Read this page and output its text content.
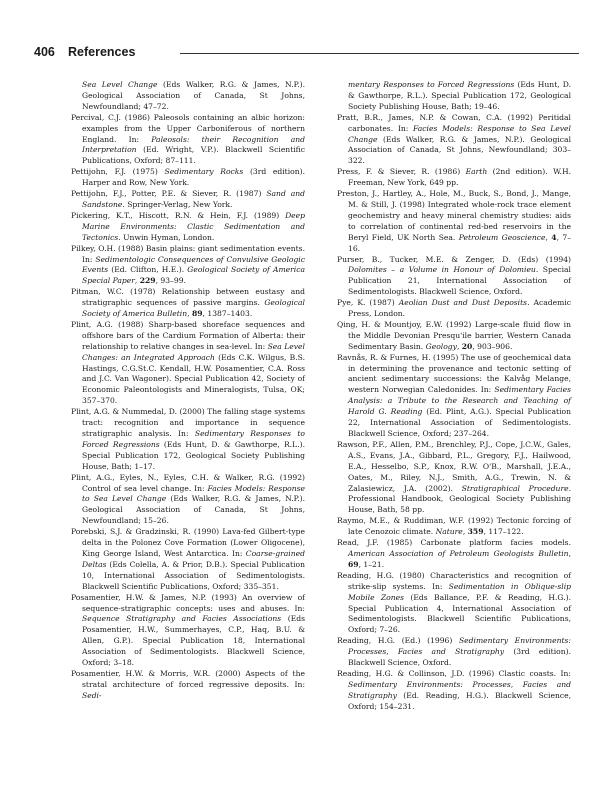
406 References

Sea Level Change (Eds Walker, R.G. & James, N.P.). Geological Association of Canada, St Johns, Newfoundland; 47–72.

Percival, C.J. (1986) Paleosols containing an albic horizon: examples from the Upper Carboniferous of northern England. In: Paleosols: their Recognition and Interpretation (Ed. Wright, V.P.). Blackwell Scientific Publications, Oxford; 87–111.

Pettijohn, F.J. (1975) Sedimentary Rocks (3rd edition). Harper and Row, New York.

Pettijohn, F.J., Potter, P.E. & Siever, R. (1987) Sand and Sandstone. Springer-Verlag, New York.

Pickering, K.T., Hiscott, R.N. & Hein, F.J. (1989) Deep Marine Environments: Clastic Sedimentation and Tectonics. Unwin Hyman, London.

Pilkey, O.H. (1988) Basin plains: giant sedimentation events. In: Sedimentologic Consequences of Convulsive Geologic Events (Ed. Clifton, H.E.). Geological Society of America Special Paper, 229, 93–99.

Pitman, W.C. (1978) Relationship between eustasy and stratigraphic sequences of passive margins. Geological Society of America Bulletin, 89, 1387–1403.

Plint, A.G. (1988) Sharp-based shoreface sequences and offshore bars of the Cardium Formation of Alberta: their relationship to relative changes in sea-level. In: Sea Level Changes: an Integrated Approach (Eds C.K. Wilgus, B.S. Hastings, C.G.St.C. Kendall, H.W. Posamentier, C.A. Ross and J.C. Van Wagoner). Special Publication 42, Society of Economic Paleontologists and Mineralogists, Tulsa, OK; 357–370.

Plint, A.G. & Nummedal, D. (2000) The falling stage systems tract: recognition and importance in sequence stratigraphic analysis. In: Sedimentary Responses to Forced Regressions (Eds Hunt, D. & Gawthorpe, R.L.). Special Publication 172, Geological Society Publishing House, Bath; 1–17.

Plint, A.G., Eyles, N., Eyles, C.H. & Walker, R.G. (1992) Control of sea level change. In: Facies Models: Response to Sea Level Change (Eds Walker, R.G. & James, N.P.). Geological Association of Canada, St Johns, Newfoundland; 15–26.

Porebski, S.J. & Gradzinski, R. (1990) Lava-fed Gilbert-type delta in the Polonez Cove Formation (Lower Oligocene), King George Island, West Antarctica. In: Coarse-grained Deltas (Eds Colella, A. & Prior, D.B.). Special Publication 10, International Association of Sedimentologists. Blackwell Scientific Publications, Oxford; 335–351.

Posamentier, H.W. & James, N.P. (1993) An overview of sequence-stratigraphic concepts: uses and abuses. In: Sequence Stratigraphy and Facies Associations (Eds Posamentier, H.W., Summerhayes, C.P., Haq, B.U. & Allen, G.P.). Special Publication 18, International Association of Sedimentologists. Blackwell Science, Oxford; 3–18.

Posamentier, H.W. & Morris, W.R. (2000) Aspects of the stratal architecture of forced regressive deposits. In: Sedi-

mentary Responses to Forced Regressions (Eds Hunt, D. & Gawthorpe, R.L.). Special Publication 172, Geological Society Publishing House, Bath; 19–46.

Pratt, B.R., James, N.P. & Cowan, C.A. (1992) Peritidal carbonates. In: Facies Models: Response to Sea Level Change (Eds Walker, R.G. & James, N.P.). Geological Association of Canada, St Johns, Newfoundland; 303–322.

Press, F. & Siever, R. (1986) Earth (2nd edition). W.H. Freeman, New York, 649 pp.

Preston, J., Hartley, A., Hole, M., Buck, S., Bond, J., Mange, M. & Still, J. (1998) Integrated whole-rock trace element geochemistry and heavy mineral chemistry studies: aids to correlation of continental red-bed reservoirs in the Beryl Field, UK North Sea. Petroleum Geoscience, 4, 7–16.

Purser, B., Tucker, M.E. & Zenger, D. (Eds) (1994) Dolomites – a Volume in Honour of Dolomieu. Special Publication 21, International Association of Sedimentologists. Blackwell Science, Oxford.

Pye, K. (1987) Aeolian Dust and Dust Deposits. Academic Press, London.

Qing, H. & Mountjoy, E.W. (1992) Large-scale fluid flow in the Middle Devonian Presqu'ile barrier, Western Canada Sedimentary Basin. Geology, 20, 903–906.

Ravnås, R. & Furnes, H. (1995) The use of geochemical data in determining the provenance and tectonic setting of ancient sedimentary successions: the Kalvåg Melange, western Norwegian Caledonides. In: Sedimentary Facies Analysis: a Tribute to the Research and Teaching of Harold G. Reading (Ed. Plint, A.G.). Special Publication 22, International Association of Sedimentologists. Blackwell Science, Oxford; 237–264.

Rawson, P.F., Allen, P.M., Brenchley, P.J., Cope, J.C.W., Gales, A.S., Evans, J.A., Gibbard, P.L., Gregory, F.J., Hailwood, E.A., Hesselbo, S.P., Knox, R.W. O'B., Marshall, J.E.A., Oates, M., Riley, N.J., Smith, A.G., Trewin, N. & Zalasiewicz, J.A. (2002). Stratigraphical Procedure. Professional Handbook, Geological Society Publishing House, Bath, 58 pp.

Raymo, M.E., & Ruddiman, W.F. (1992) Tectonic forcing of late Cenozoic climate. Nature, 359, 117–122.

Read, J.F. (1985) Carbonate platform facies models. American Association of Petroleum Geologists Bulletin, 69, 1–21.

Reading, H.G. (1980) Characteristics and recognition of strike-slip systems. In: Sedimentation in Oblique-slip Mobile Zones (Eds Ballance, P.F. & Reading, H.G.). Special Publication 4, International Association of Sedimentologists. Blackwell Scientific Publications, Oxford; 7–26.

Reading, H.G. (Ed.) (1996) Sedimentary Environments: Processes, Facies and Stratigraphy (3rd edition). Blackwell Science, Oxford.

Reading, H.G. & Collinson, J.D. (1996) Clastic coasts. In: Sedimentary Environments: Processes, Facies and Stratigraphy (Ed. Reading, H.G.). Blackwell Science, Oxford; 154–231.
